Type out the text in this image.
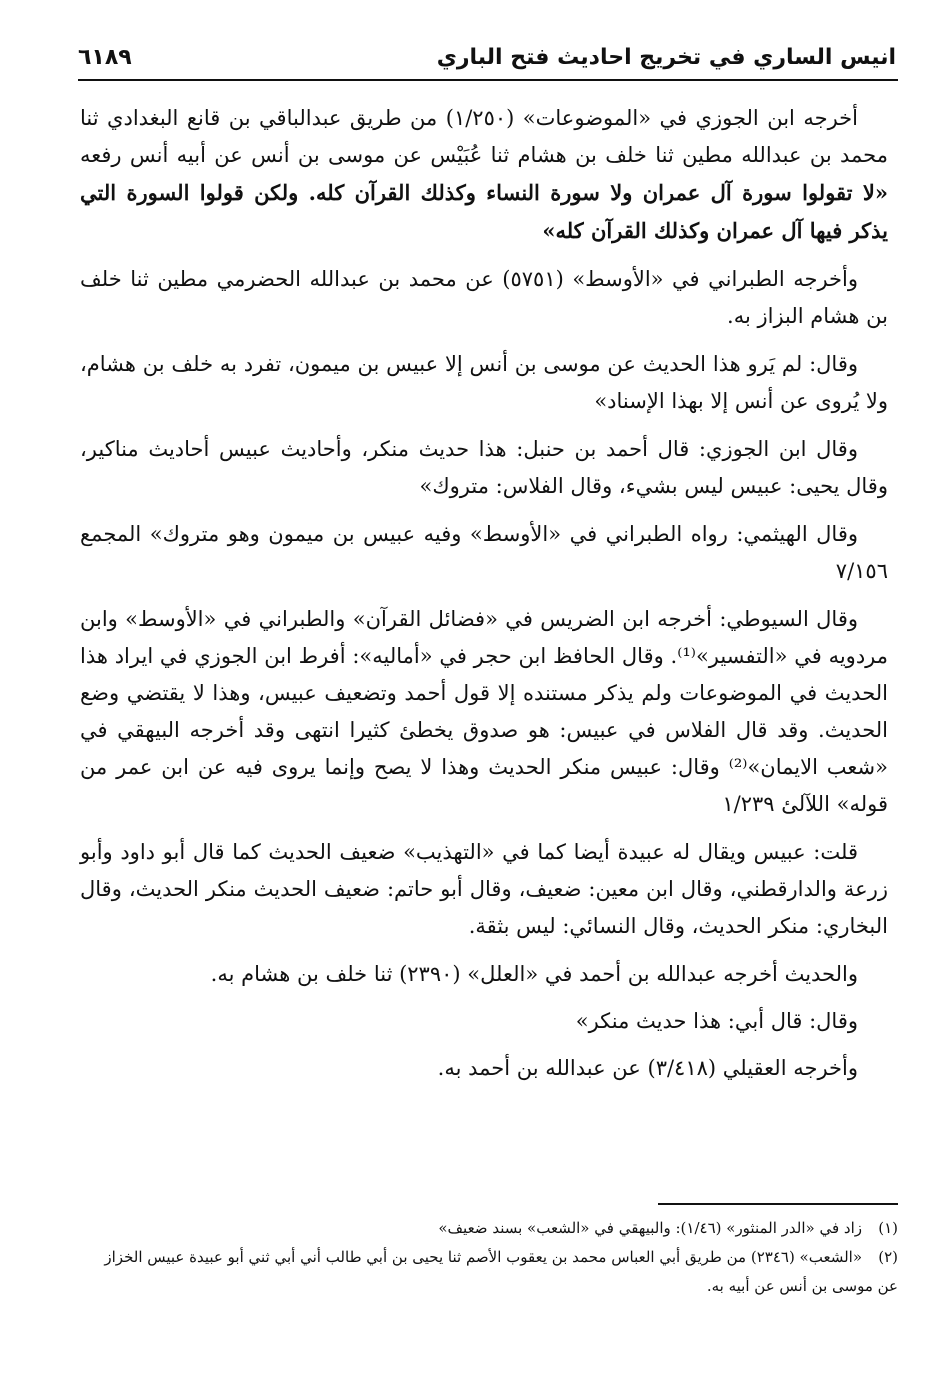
انيس الساري في تخريج احاديث فتح الباري
٦١٨٩

أخرجه ابن الجوزي في «الموضوعات» (١/٢٥٠) من طريق عبدالباقي بن قانع البغدادي ثنا محمد بن عبدالله مطين ثنا خلف بن هشام ثنا عُبَيْس عن موسى بن أنس عن أبيه أنس رفعه «لا تقولوا سورة آل عمران ولا سورة النساء وكذلك القرآن كله. ولكن قولوا السورة التي يذكر فيها آل عمران وكذلك القرآن كله»

وأخرجه الطبراني في «الأوسط» (٥٧٥١) عن محمد بن عبدالله الحضرمي مطين ثنا خلف بن هشام البزاز به.

وقال: لم يَرو هذا الحديث عن موسى بن أنس إلا عبيس بن ميمون، تفرد به خلف بن هشام، ولا يُروى عن أنس إلا بهذا الإسناد»

وقال ابن الجوزي: قال أحمد بن حنبل: هذا حديث منكر، وأحاديث عبيس أحاديث مناكير، وقال يحيى: عبيس ليس بشيء، وقال الفلاس: متروك»

وقال الهيثمي: رواه الطبراني في «الأوسط» وفيه عبيس بن ميمون وهو متروك» المجمع ٧/١٥٦

وقال السيوطي: أخرجه ابن الضريس في «فضائل القرآن» والطبراني في «الأوسط» وابن مردويه في «التفسير»⁽¹⁾. وقال الحافظ ابن حجر في «أماليه»: أفرط ابن الجوزي في ايراد هذا الحديث في الموضوعات ولم يذكر مستنده إلا قول أحمد وتضعيف عبيس، وهذا لا يقتضي وضع الحديث. وقد قال الفلاس في عبيس: هو صدوق يخطئ كثيرا انتهى وقد أخرجه البيهقي في «شعب الايمان»⁽²⁾ وقال: عبيس منكر الحديث وهذا لا يصح وإنما يروى فيه عن ابن عمر من قوله» اللآلئ ١/٢٣٩

قلت: عبيس ويقال له عبيدة أيضا كما في «التهذيب» ضعيف الحديث كما قال أبو داود وأبو زرعة والدارقطني، وقال ابن معين: ضعيف، وقال أبو حاتم: ضعيف الحديث منكر الحديث، وقال البخاري: منكر الحديث، وقال النسائي: ليس بثقة.

والحديث أخرجه عبدالله بن أحمد في «العلل» (٢٣٩٠) ثنا خلف بن هشام به.

وقال: قال أبي: هذا حديث منكر»

وأخرجه العقيلي (٣/٤١٨) عن عبدالله بن أحمد به.

(١)زاد في «الدر المنثور» (١/٤٦): والبيهقي في «الشعب» بسند ضعيف»

(٢)«الشعب» (٢٣٤٦) من طريق أبي العباس محمد بن يعقوب الأصم ثنا يحيى بن أبي طالب أني أبي ثني أبو عبيدة عبيس الخزاز عن موسى بن أنس عن أبيه به.
